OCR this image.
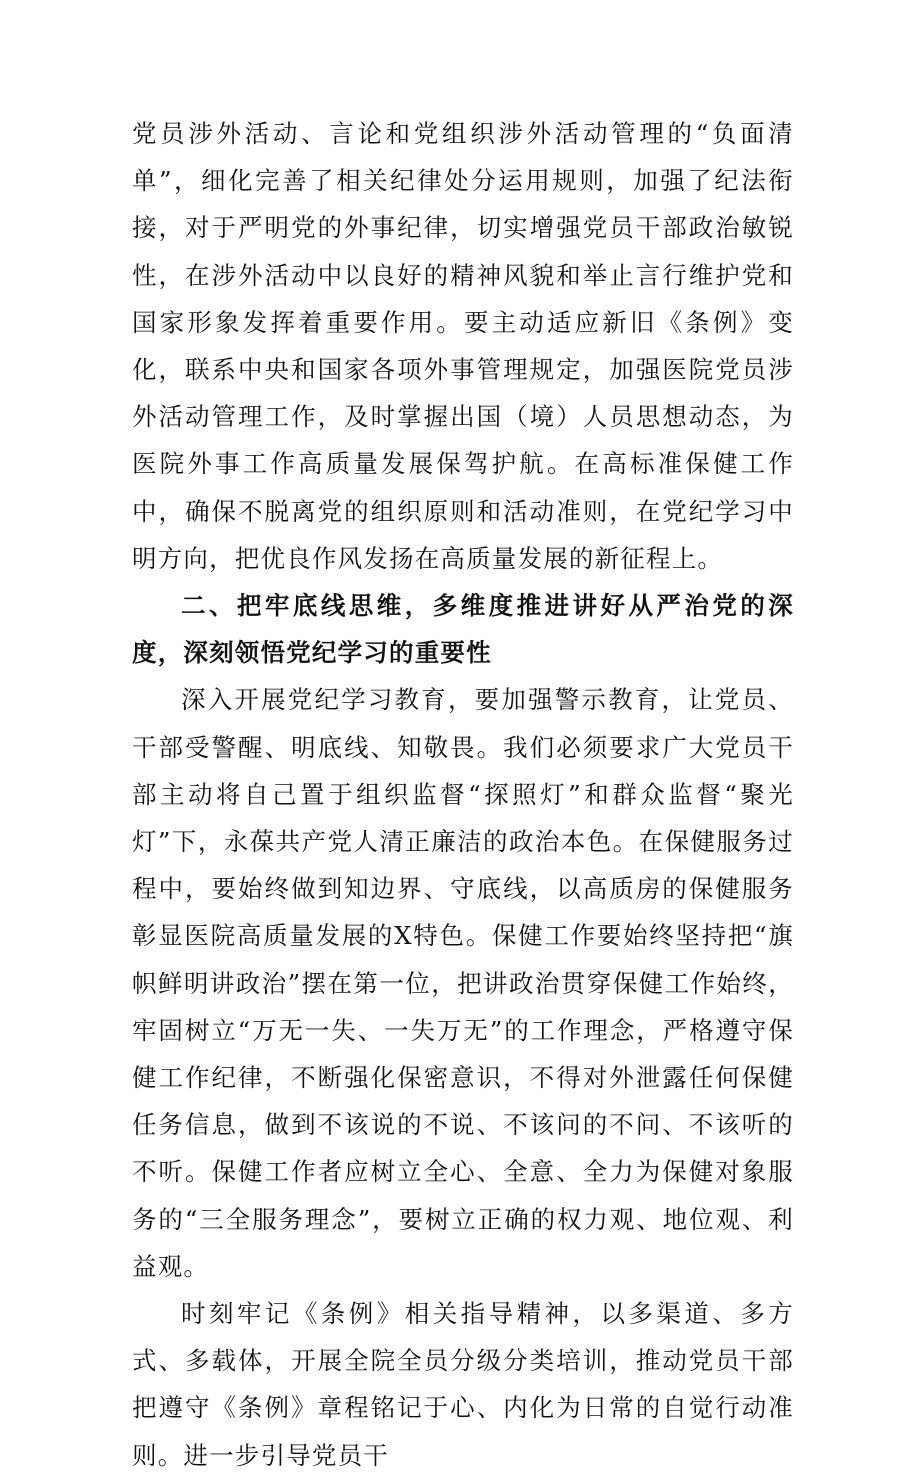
党员涉外活动、言论和党组织涉外活动管理的“负面清单”，细化完善了相关纪律处分运用规则，加强了纪法衔接，对于严明党的外事纪律，切实增强党员干部政治敏锐性，在涉外活动中以良好的精神风貌和举止言行维护党和国家形象发挥着重要作用。要主动适应新旧《条例》变化，联系中央和国家各项外事管理规定，加强医院党员涉外活动管理工作，及时掌握出国（境）人员思想动态，为医院外事工作高质量发展保驾护航。在高标准保健工作中，确保不脱离党的组织原则和活动准则，在党纪学习中明方向，把优良作风发扬在高质量发展的新征程上。

二、把牢底线思维，多维度推进讲好从严治党的深度，深刻领悟党纪学习的重要性

深入开展党纪学习教育，要加强警示教育，让党员、干部受警醒、明底线、知敬畏。我们必须要求广大党员干部主动将自己置于组织监督“探照灯”和群众监督“聚光灯”下，永葆共产党人清正廉洁的政治本色。在保健服务过程中，要始终做到知边界、守底线，以高质房的保健服务彰显医院高质量发展的X特色。保健工作要始终坚持把“旗帜鲜明讲政治”摆在第一位，把讲政治贯穿保健工作始终，牢固树立“万无一失、一失万无”的工作理念，严格遵守保健工作纪律，不断强化保密意识，不得对外泄露任何保健任务信息，做到不该说的不说、不该问的不问、不该听的不听。保健工作者应树立全心、全意、全力为保健对象服务的“三全服务理念”，要树立正确的权力观、地位观、利益观。

时刻牢记《条例》相关指导精神，以多渠道、多方式、多载体，开展全院全员分级分类培训，推动党员干部把遵守《条例》章程铭记于心、内化为日常的自觉行动准则。进一步引导党员干
